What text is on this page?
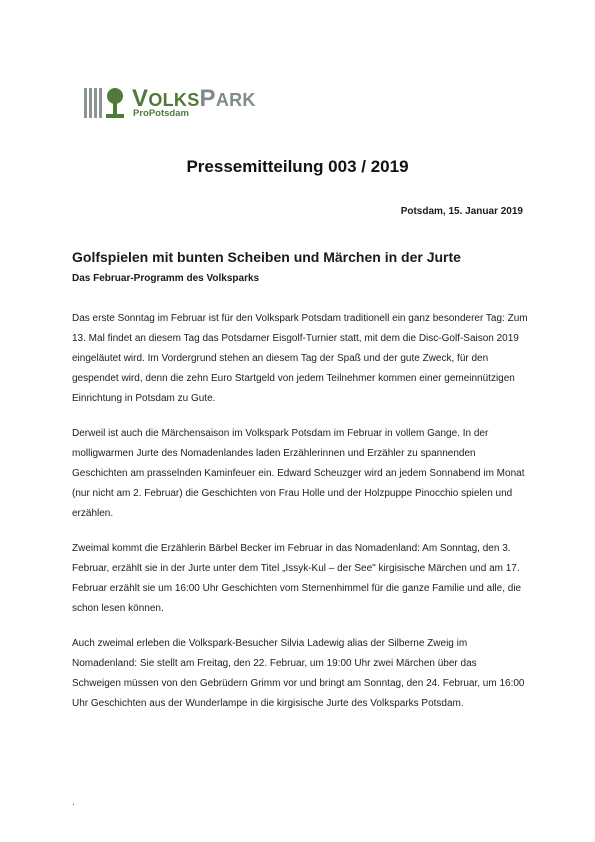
VOLKSPARK
ProPotsdam
Pressemitteilung 003 / 2019
Potsdam, 15. Januar 2019
Golfspielen mit bunten Scheiben und Märchen in der Jurte
Das Februar-Programm des Volksparks

Das erste Sonntag im Februar ist für den Volkspark Potsdam traditionell ein ganz besonderer Tag: Zum 13. Mal findet an diesem Tag das Potsdamer Eisgolf-Turnier statt, mit dem die Disc-Golf-Saison 2019 eingeläutet wird. Im Vordergrund stehen an diesem Tag der Spaß und der gute Zweck, für den gespendet wird, denn die zehn Euro Startgeld von jedem Teilnehmer kommen einer gemeinnützigen Einrichtung in Potsdam zu Gute.

Derweil ist auch die Märchensaison im Volkspark Potsdam im Februar in vollem Gange. In der molligwarmen Jurte des Nomadenlandes laden Erzählerinnen und Erzähler zu spannenden Geschichten am prasselnden Kaminfeuer ein. Edward Scheuzger wird an jedem Sonnabend im Monat (nur nicht am 2. Februar) die Geschichten von Frau Holle und der Holzpuppe Pinocchio spielen und erzählen.

Zweimal kommt die Erzählerin Bärbel Becker im Februar in das Nomadenland: Am Sonntag, den 3. Februar, erzählt sie in der Jurte unter dem Titel „Issyk-Kul – der See" kirgisische Märchen und am 17. Februar erzählt sie um 16:00 Uhr Geschichten vom Sternenhimmel für die ganze Familie und alle, die schon lesen können.

Auch zweimal erleben die Volkspark-Besucher Silvia Ladewig alias der Silberne Zweig im Nomadenland: Sie stellt am Freitag, den 22. Februar, um 19:00 Uhr zwei Märchen über das Schweigen müssen von den Gebrüdern Grimm vor und bringt am Sonntag, den 24. Februar, um 16:00 Uhr Geschichten aus der Wunderlampe in die kirgisische Jurte des Volksparks Potsdam.

.
